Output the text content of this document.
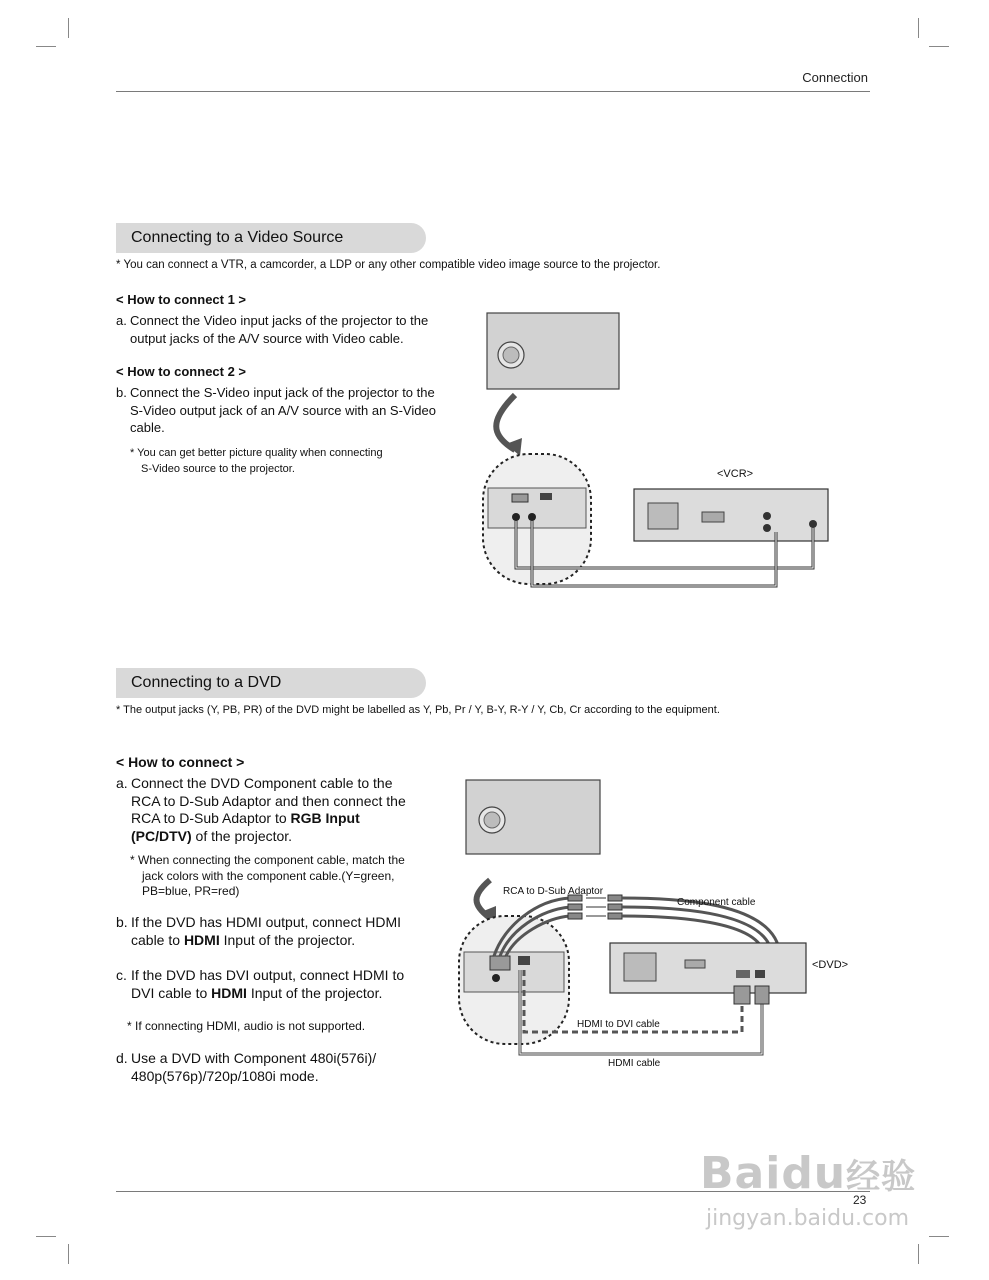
Connection
Connecting to a Video Source
* You can connect a VTR, a camcorder, a LDP or any other compatible video image source to the projector.
< How to connect 1 >
a. Connect the Video input jacks of the projector to the
output jacks of the A/V source with Video cable.
< How to connect 2 >
b. Connect the S-Video input jack of the projector to the
S-Video output jack of an A/V source with an S-Video
cable.
* You can get better picture quality when connecting
S-Video source to the projector.	<VCR>
Connecting to a DVD
* The output jacks (Y, PB, PR) of the DVD might be labelled as Y, Pb, Pr / Y, B-Y, R-Y / Y, Cb, Cr according to the equipment.
< How to connect >
a. Connect the DVD Component cable to the
RCA to D-Sub Adaptor and then connect the
RCA to D-Sub Adaptor to RGB Input
(PC/DTV) of the projector.
* When connecting the component cable, match the
jack colors with the component cable.(Y=green,
PB=blue, PR=red)
b. If the DVD has HDMI output, connect HDMI
cable to HDMI Input of the projector.
c. If the DVD has DVI output, connect HDMI to
DVI cable to HDMI Input of the projector.
* If connecting HDMI, audio is not supported.
d. Use a DVD with Component 480i(576i)/
480p(576p)/720p/1080i mode.
RCA to D-Sub Adaptor
Component cable
<DVD>
HDMI to DVI cable
HDMI cable
23
Baidu经验
jingyan.baidu.com
